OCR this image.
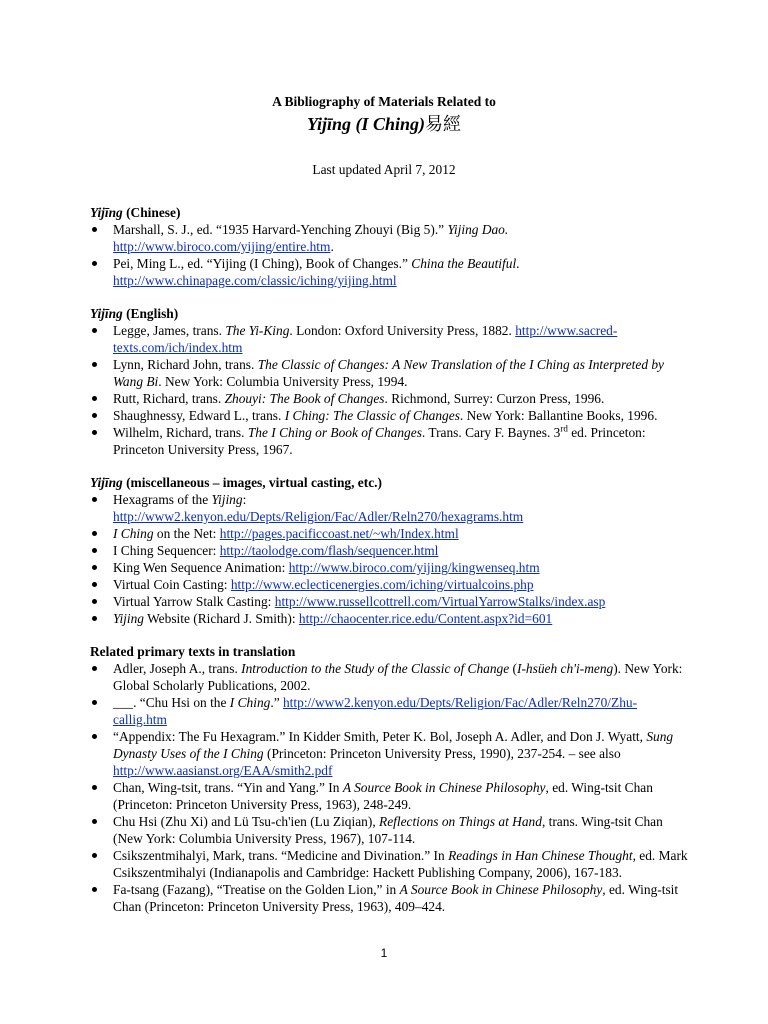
A Bibliography of Materials Related to
Yijīng (I Ching)易經
Last updated April 7, 2012
Yijīng (Chinese)
Marshall, S. J., ed. “1935 Harvard-Yenching Zhouyi (Big 5).” Yijing Dao.
http://www.biroco.com/yijing/entire.htm.
Pei, Ming L., ed. “Yijing (I Ching), Book of Changes.” China the Beautiful.
http://www.chinapage.com/classic/iching/yijing.html
Yijīng (English)
Legge, James, trans. The Yi-King. London: Oxford University Press, 1882. http://www.sacred-texts.com/ich/index.htm
Lynn, Richard John, trans. The Classic of Changes: A New Translation of the I Ching as Interpreted by Wang Bi. New York: Columbia University Press, 1994.
Rutt, Richard, trans. Zhouyi: The Book of Changes. Richmond, Surrey: Curzon Press, 1996.
Shaughnessy, Edward L., trans. I Ching: The Classic of Changes. New York: Ballantine Books, 1996.
Wilhelm, Richard, trans. The I Ching or Book of Changes. Trans. Cary F. Baynes. 3rd ed. Princeton: Princeton University Press, 1967.
Yijīng (miscellaneous – images, virtual casting, etc.)
Hexagrams of the Yijing:
http://www2.kenyon.edu/Depts/Religion/Fac/Adler/Reln270/hexagrams.htm
I Ching on the Net: http://pages.pacificcoast.net/~wh/Index.html
I Ching Sequencer: http://taolodge.com/flash/sequencer.html
King Wen Sequence Animation: http://www.biroco.com/yijing/kingwenseq.htm
Virtual Coin Casting: http://www.eclecticenergies.com/iching/virtualcoins.php
Virtual Yarrow Stalk Casting: http://www.russellcottrell.com/VirtualYarrowStalks/index.asp
Yijing Website (Richard J. Smith): http://chaocenter.rice.edu/Content.aspx?id=601
Related primary texts in translation
Adler, Joseph A., trans. Introduction to the Study of the Classic of Change (I-hsüeh ch'i-meng). New York: Global Scholarly Publications, 2002.
___. “Chu Hsi on the I Ching.” http://www2.kenyon.edu/Depts/Religion/Fac/Adler/Reln270/Zhu-callig.htm
“Appendix: The Fu Hexagram.” In Kidder Smith, Peter K. Bol, Joseph A. Adler, and Don J. Wyatt, Sung Dynasty Uses of the I Ching (Princeton: Princeton University Press, 1990), 237-254. – see also http://www.aasianst.org/EAA/smith2.pdf
Chan, Wing-tsit, trans. “Yin and Yang.” In A Source Book in Chinese Philosophy, ed. Wing-tsit Chan (Princeton: Princeton University Press, 1963), 248-249.
Chu Hsi (Zhu Xi) and Lü Tsu-ch'ien (Lu Ziqian), Reflections on Things at Hand, trans. Wing-tsit Chan (New York: Columbia University Press, 1967), 107-114.
Csikszentmihalyi, Mark, trans. “Medicine and Divination.” In Readings in Han Chinese Thought, ed. Mark Csikszentmihalyi (Indianapolis and Cambridge: Hackett Publishing Company, 2006), 167-183.
Fa-tsang (Fazang), “Treatise on the Golden Lion,” in A Source Book in Chinese Philosophy, ed. Wing-tsit Chan (Princeton: Princeton University Press, 1963), 409–424.
1
